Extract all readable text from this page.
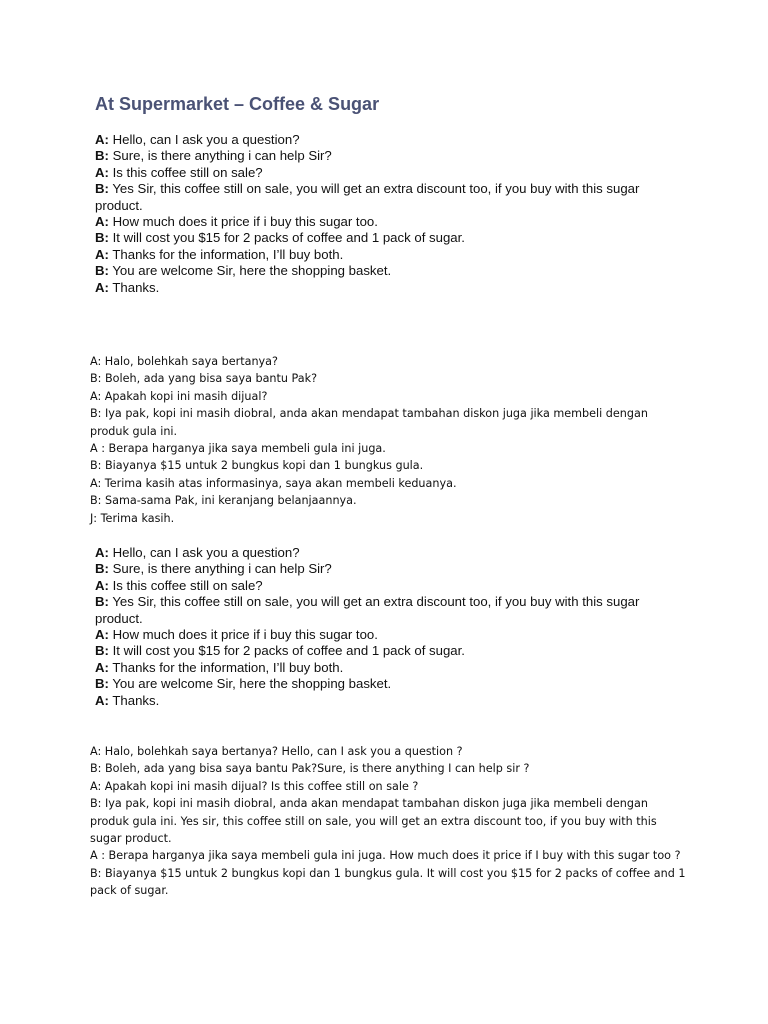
At Supermarket – Coffee & Sugar
A: Hello, can I ask you a question?
B: Sure, is there anything i can help Sir?
A: Is this coffee still on sale?
B: Yes Sir, this coffee still on sale, you will get an extra discount too, if you buy with this sugar product.
A: How much does it price if i buy this sugar too.
B: It will cost you $15 for 2 packs of coffee and 1 pack of sugar.
A: Thanks for the information, I’ll buy both.
B: You are welcome Sir, here the shopping basket.
A: Thanks.
A: Halo, bolehkah saya bertanya?
B: Boleh, ada yang bisa saya bantu Pak?
A: Apakah kopi ini masih dijual?
B: Iya pak, kopi ini masih diobral, anda akan mendapat tambahan diskon juga jika membeli dengan produk gula ini.
A : Berapa harganya jika saya membeli gula ini juga.
B: Biayanya $15 untuk 2 bungkus kopi dan 1 bungkus gula.
A: Terima kasih atas informasinya, saya akan membeli keduanya.
B: Sama-sama Pak, ini keranjang belanjaannya.
J: Terima kasih.
A: Hello, can I ask you a question?
B: Sure, is there anything i can help Sir?
A: Is this coffee still on sale?
B: Yes Sir, this coffee still on sale, you will get an extra discount too, if you buy with this sugar product.
A: How much does it price if i buy this sugar too.
B: It will cost you $15 for 2 packs of coffee and 1 pack of sugar.
A: Thanks for the information, I’ll buy both.
B: You are welcome Sir, here the shopping basket.
A: Thanks.
A: Halo, bolehkah saya bertanya? Hello, can I ask you a question ?
B: Boleh, ada yang bisa saya bantu Pak?Sure, is there anything I can help sir ?
A: Apakah kopi ini masih dijual? Is this coffee still on sale ?
B: Iya pak, kopi ini masih diobral, anda akan mendapat tambahan diskon juga jika membeli dengan produk gula ini. Yes sir, this coffee still on sale, you will get an extra discount too, if you buy with this sugar product.
A : Berapa harganya jika saya membeli gula ini juga. How much does it price if I buy with this sugar too ?
B: Biayanya $15 untuk 2 bungkus kopi dan 1 bungkus gula. It will cost you $15 for 2 packs of coffee and 1 pack of sugar.
